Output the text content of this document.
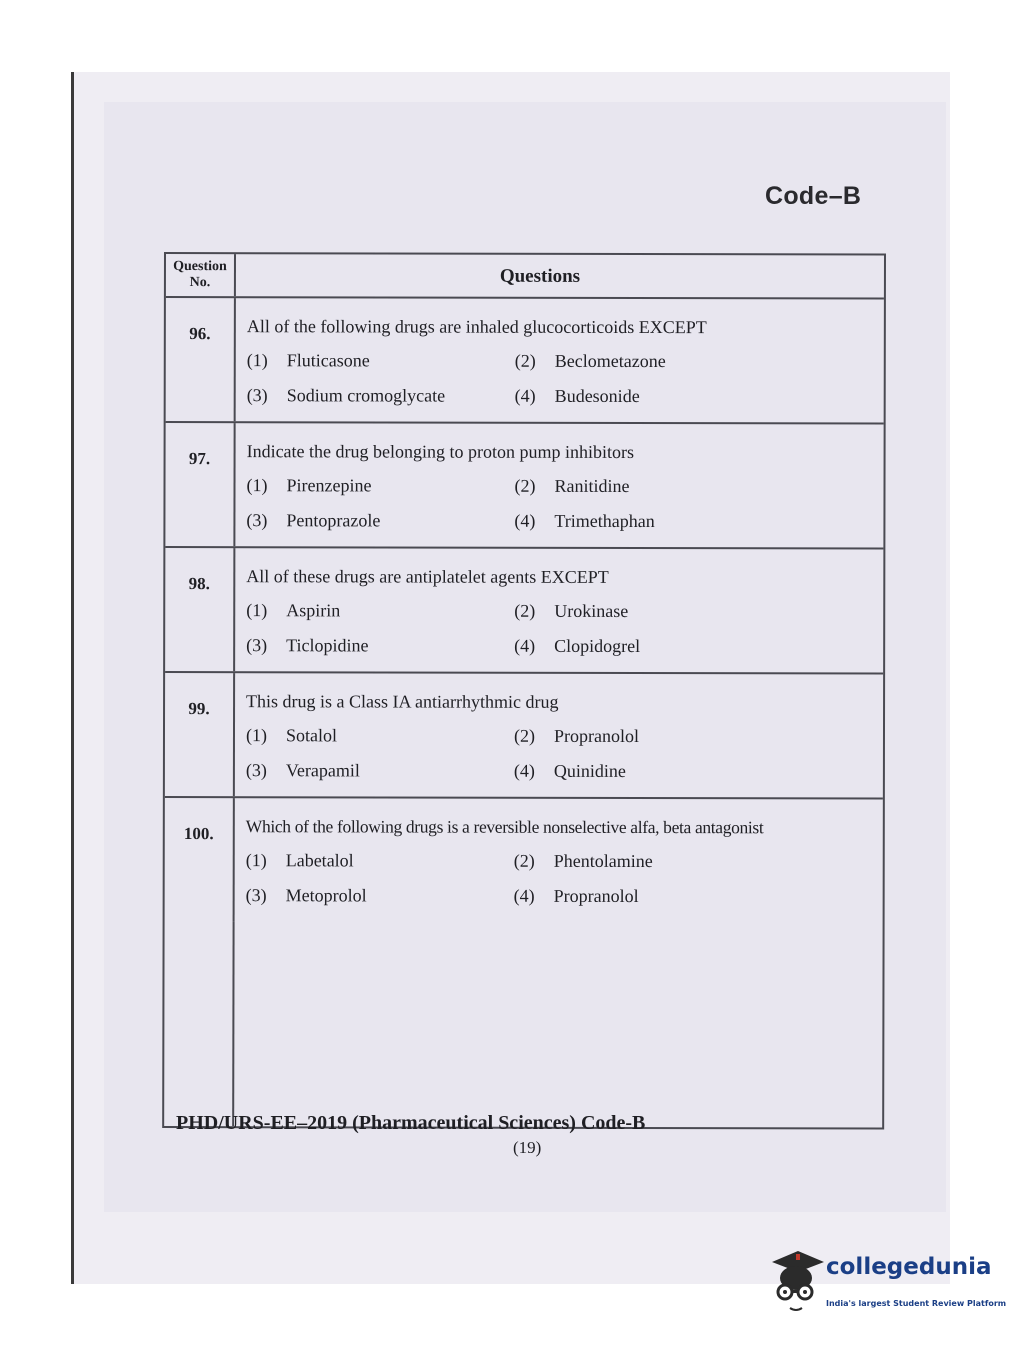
Code–B
Question No.	Questions
96.	All of the following drugs are inhaled glucocorticoids EXCEPT
(1) Fluticasone	(2) Beclometazone
(3) Sodium cromoglycate	(4) Budesonide
97.	Indicate the drug belonging to proton pump inhibitors
(1) Pirenzepine	(2) Ranitidine
(3) Pentoprazole	(4) Trimethaphan
98.	All of these drugs are antiplatelet agents EXCEPT
(1) Aspirin	(2) Urokinase
(3) Ticlopidine	(4) Clopidogrel
99.	This drug is a Class IA antiarrhythmic drug
(1) Sotalol	(2) Propranolol
(3) Verapamil	(4) Quinidine
100.	Which of the following drugs is a reversible nonselective alfa, beta antagonist
(1) Labetalol	(2) Phentolamine
(3) Metoprolol	(4) Propranolol
PHD/URS-EE–2019 (Pharmaceutical Sciences) Code-B
(19)
collegedunia
India's largest Student Review Platform
